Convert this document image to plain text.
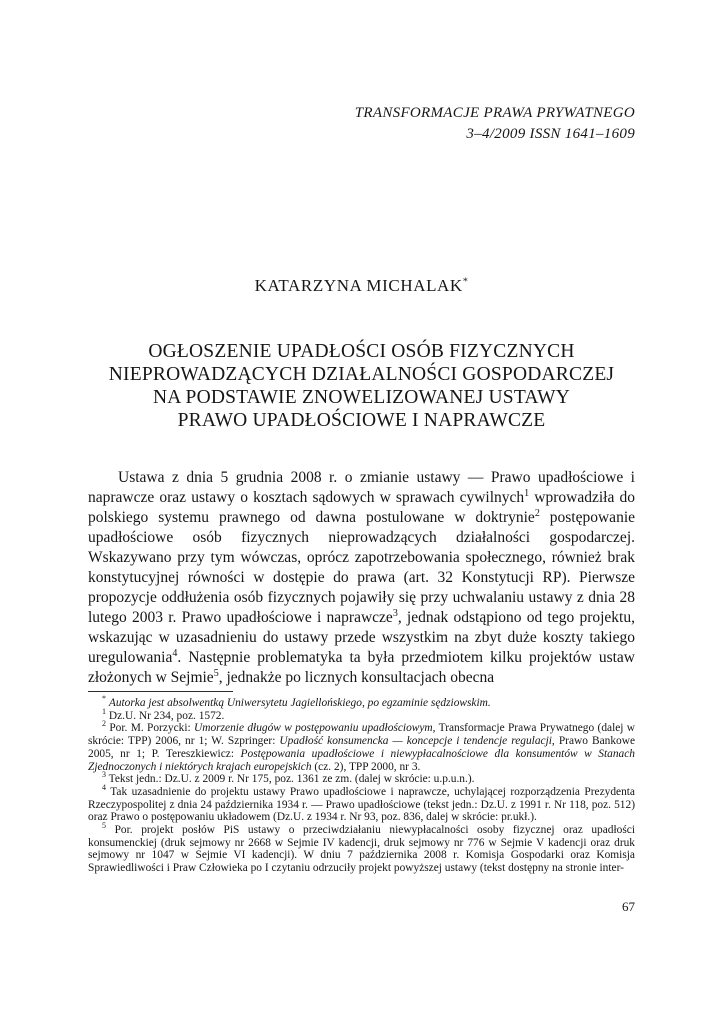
TRANSFORMACJE PRAWA PRYWATNEGO
3–4/2009 ISSN 1641–1609
KATARZYNA MICHALAK*
OGŁOSZENIE UPADŁOŚCI OSÓB FIZYCZNYCH
NIEPROWADZĄCYCH DZIAŁALNOŚCI GOSPODARCZEJ
NA PODSTAWIE ZNOWELIZOWANEJ USTAWY
PRAWO UPADŁOŚCIOWE I NAPRAWCZE

Ustawa z dnia 5 grudnia 2008 r. o zmianie ustawy — Prawo upadłościowe i naprawcze oraz ustawy o kosztach sądowych w sprawach cywilnych$^1$ wprowadziła do polskiego systemu prawnego od dawna postulowane w doktrynie$^2$ postępowanie upadłościowe osób fizycznych nieprowadzących działalności gospodarczej. Wskazywano przy tym wówczas, oprócz zapotrzebowania społecznego, również brak konstytucyjnej równości w dostępie do prawa (art. 32 Konstytucji RP). Pierwsze propozycje oddłużenia osób fizycznych pojawiły się przy uchwalaniu ustawy z dnia 28 lutego 2003 r. Prawo upadłościowe i naprawcze$^3$, jednak odstąpiono od tego projektu, wskazując w uzasadnieniu do ustawy przede wszystkim na zbyt duże koszty takiego uregulowania$^4$. Następnie problematyka ta była przedmiotem kilku projektów ustaw złożonych w Sejmie$^5$, jednakże po licznych konsultacjach obecna

* Autorka jest absolwentką Uniwersytetu Jagiellońskiego, po egzaminie sędziowskim.

$^1$ Dz.U. Nr 234, poz. 1572.

$^2$ Por. M. Porzycki: Umorzenie długów w postępowaniu upadłościowym, Transformacje Prawa Prywatnego (dalej w skrócie: TPP) 2006, nr 1; W. Szpringer: Upadłość konsumencka — koncepcje i tendencje regulacji, Prawo Bankowe 2005, nr 1; P. Tereszkiewicz: Postępowania upadłościowe i niewypłacalnościowe dla konsumentów w Stanach Zjednoczonych i niektórych krajach europejskich (cz. 2), TPP 2000, nr 3.

$^3$ Tekst jedn.: Dz.U. z 2009 r. Nr 175, poz. 1361 ze zm. (dalej w skrócie: u.p.u.n.).

$^4$ Tak uzasadnienie do projektu ustawy Prawo upadłościowe i naprawcze, uchylającej rozporządzenia Prezydenta Rzeczypospolitej z dnia 24 października 1934 r. — Prawo upadłościowe (tekst jedn.: Dz.U. z 1991 r. Nr 118, poz. 512) oraz Prawo o postępowaniu układowem (Dz.U. z 1934 r. Nr 93, poz. 836, dalej w skrócie: pr.ukł.).

$^5$ Por. projekt posłów PiS ustawy o przeciwdziałaniu niewypłacalności osoby fizycznej oraz upadłości konsumenckiej (druk sejmowy nr 2668 w Sejmie IV kadencji, druk sejmowy nr 776 w Sejmie V kadencji oraz druk sejmowy nr 1047 w Sejmie VI kadencji). W dniu 7 października 2008 r. Komisja Gospodarki oraz Komisja Sprawiedliwości i Praw Człowieka po I czytaniu odrzuciły projekt powyższej ustawy (tekst dostępny na stronie inter-

67
